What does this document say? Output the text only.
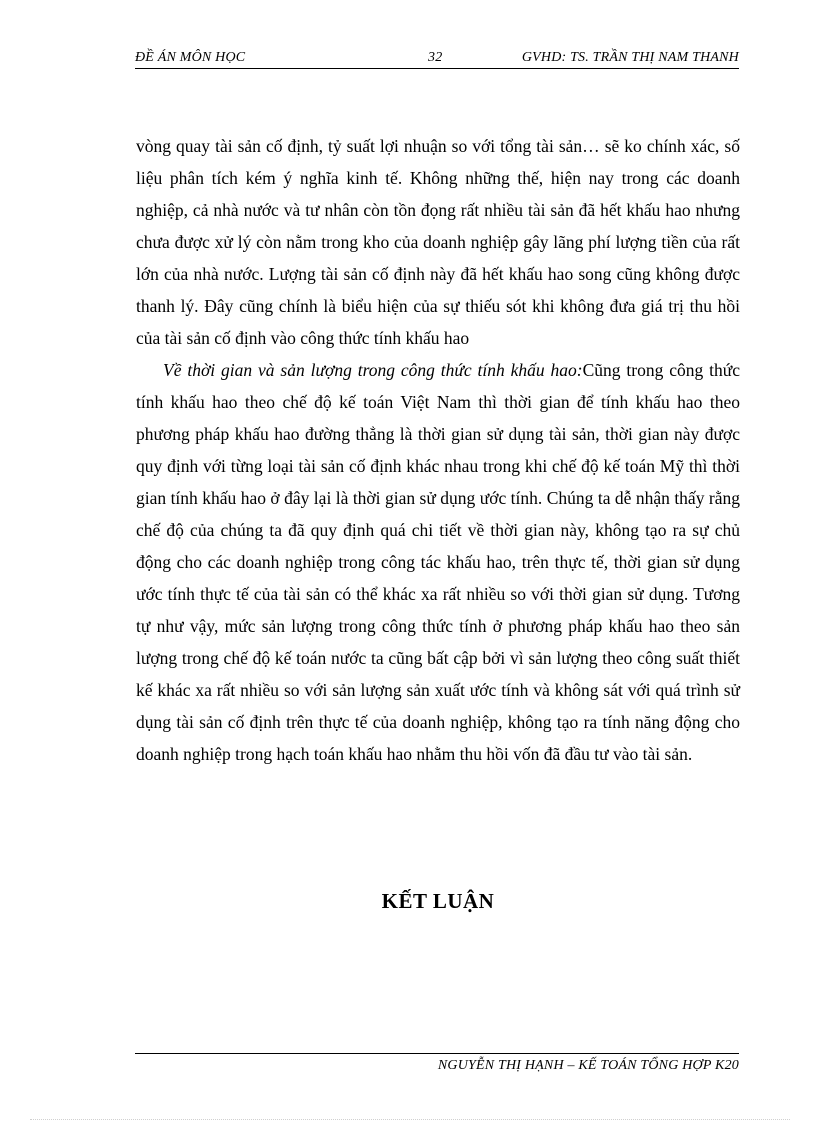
ĐỀ ÁN MÔN HỌC	32	GVHD: TS. TRẦN THỊ NAM THANH

vòng quay tài sản cố định, tỷ suất lợi nhuận so với tổng tài sản… sẽ ko chính xác, số liệu phân tích kém ý nghĩa kinh tế. Không những thế, hiện nay trong các doanh nghiệp, cả nhà nước và tư nhân còn tồn đọng rất nhiều tài sản đã hết khấu hao nhưng chưa được xử lý còn nằm trong kho của doanh nghiệp gây lãng phí lượng tiền của rất lớn của nhà nước. Lượng tài sản cố định này đã hết khấu hao song cũng không được thanh lý. Đây cũng chính là biểu hiện của sự thiếu sót khi không đưa giá trị thu hồi của tài sản cố định vào công thức tính khấu hao

Về thời gian và sản lượng trong công thức tính khấu hao:Cũng trong công thức tính khấu hao theo chế độ kế toán Việt Nam thì thời gian để tính khấu hao theo phương pháp khấu hao đường thẳng là thời gian sử dụng tài sản, thời gian này được quy định với từng loại tài sản cố định khác nhau trong khi chế độ kế toán Mỹ thì thời gian tính khấu hao ở đây lại là thời gian sử dụng ước tính. Chúng ta dễ nhận thấy rằng chế độ của chúng ta đã quy định quá chi tiết về thời gian này, không tạo ra sự chủ động cho các doanh nghiệp trong công tác khấu hao, trên thực tế, thời gian sử dụng ước tính thực tế của tài sản có thể khác xa rất nhiều so với thời gian sử dụng. Tương tự như vậy, mức sản lượng trong công thức tính ở phương pháp khấu hao theo sản lượng trong chế độ kế toán nước ta cũng bất cập bởi vì sản lượng theo công suất thiết kế khác xa rất nhiều so với sản lượng sản xuất ước tính và không sát với quá trình sử dụng tài sản cố định trên thực tế của doanh nghiệp, không tạo ra tính năng động cho doanh nghiệp trong hạch toán khấu hao nhằm thu hồi vốn đã đầu tư vào tài sản.

KẾT LUẬN
NGUYỄN THỊ HẠNH – KẾ TOÁN TỔNG HỢP K20
